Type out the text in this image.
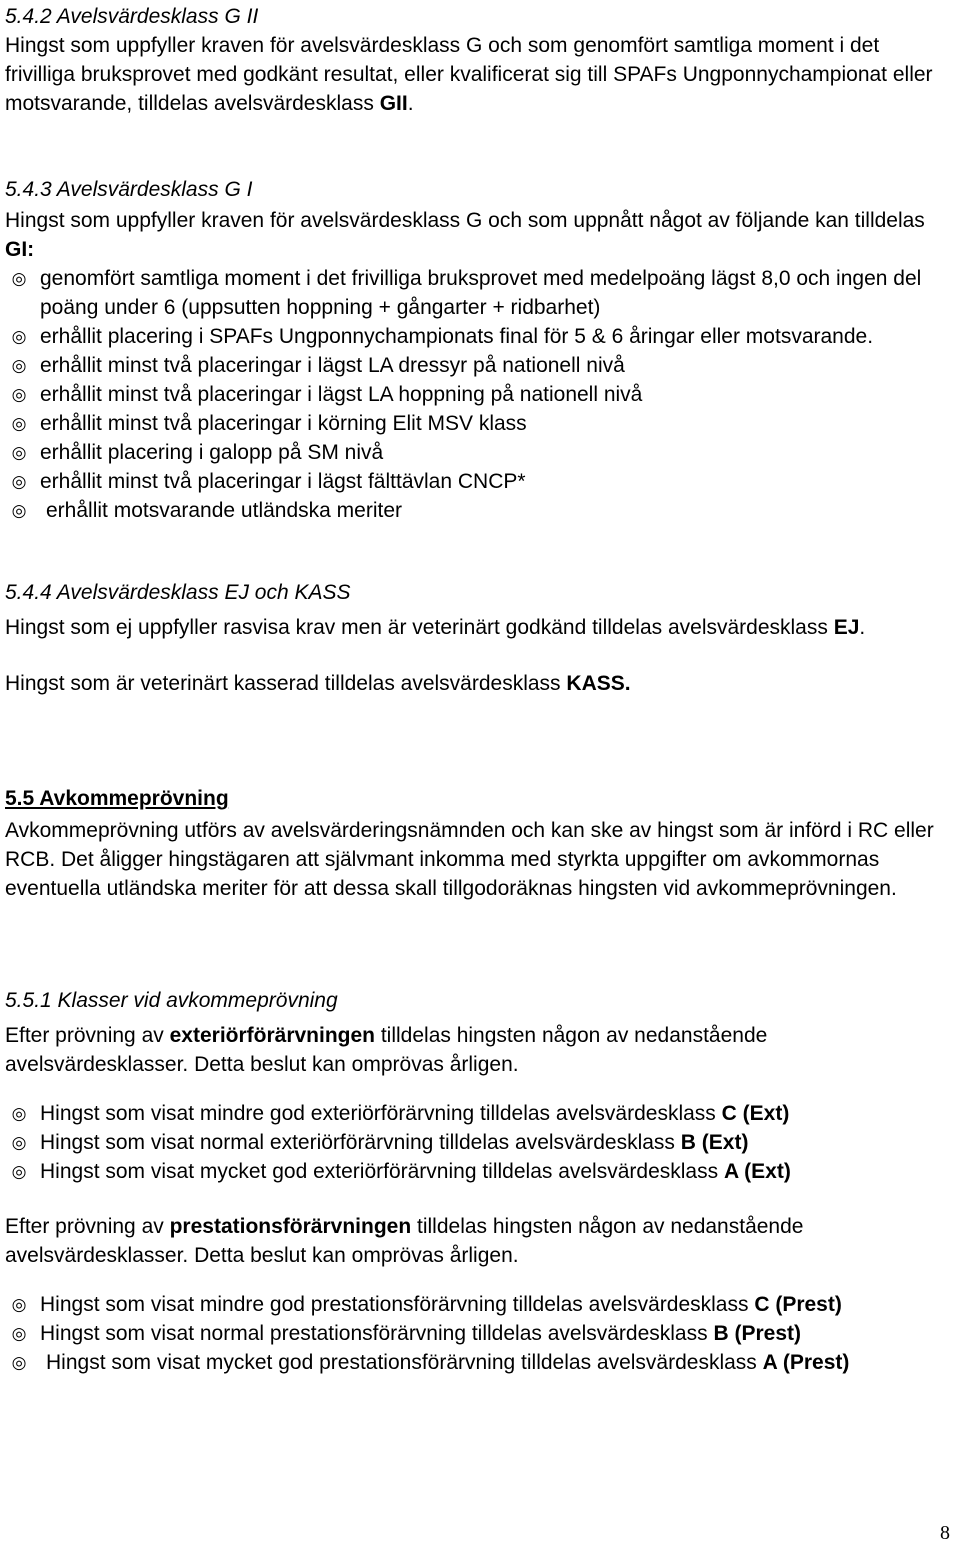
5.4.2 Avelsvärdesklass G II
Hingst som uppfyller kraven för avelsvärdesklass G och som genomfört samtliga moment i det frivilliga bruksprovet med godkänt resultat, eller kvalificerat sig till SPAFs Ungponnychampionat eller motsvarande, tilldelas avelsvärdesklass GII.
5.4.3 Avelsvärdesklass G I
Hingst som uppfyller kraven för avelsvärdesklass G och som uppnått något av följande kan tilldelas GI:
◎ genomfört samtliga moment i det frivilliga bruksprovet med medelpoäng lägst 8,0 och ingen del poäng under 6 (uppsutten hoppning + gångarter + ridbarhet)
◎ erhållit placering i SPAFs Ungponnychampionats final för 5 & 6 åringar eller motsvarande.
◎ erhållit minst två placeringar i lägst LA dressyr på nationell nivå
◎ erhållit minst två placeringar i lägst LA hoppning på nationell nivå
◎ erhållit minst två placeringar i körning Elit MSV klass
◎ erhållit placering i galopp på SM nivå
◎ erhållit minst två placeringar i lägst fälttävlan CNCP*
◎ erhållit motsvarande utländska meriter
5.4.4 Avelsvärdesklass EJ och KASS
Hingst som ej uppfyller rasvisa krav men är veterinärt godkänd tilldelas avelsvärdesklass EJ.
Hingst som är veterinärt kasserad tilldelas avelsvärdesklass KASS.
5.5 Avkommeprövning
Avkommeprövning utförs av avelsvärderingsnämnden och kan ske av hingst som är införd i RC eller RCB. Det åligger hingstägaren att självmant inkomma med styrkta uppgifter om avkommornas eventuella utländska meriter för att dessa skall tillgodoräknas hingsten vid avkommeprövningen.
5.5.1 Klasser vid avkommeprövning
Efter prövning av exteriörförärvningen tilldelas hingsten någon av nedanstående avelsvärdesklasser. Detta beslut kan omprövas årligen.
◎ Hingst som visat mindre god exteriörförärvning tilldelas avelsvärdesklass C (Ext)
◎ Hingst som visat normal exteriörförärvning tilldelas avelsvärdesklass B (Ext)
◎ Hingst som visat mycket god exteriörförärvning tilldelas avelsvärdesklass A (Ext)
Efter prövning av prestationsförärvningen tilldelas hingsten någon av nedanstående avelsvärdesklasser. Detta beslut kan omprövas årligen.
◎ Hingst som visat mindre god prestationsförärvning tilldelas avelsvärdesklass C (Prest)
◎ Hingst som visat normal prestationsförärvning tilldelas avelsvärdesklass B (Prest)
◎ Hingst som visat mycket god prestationsförärvning tilldelas avelsvärdesklass A (Prest)
8
